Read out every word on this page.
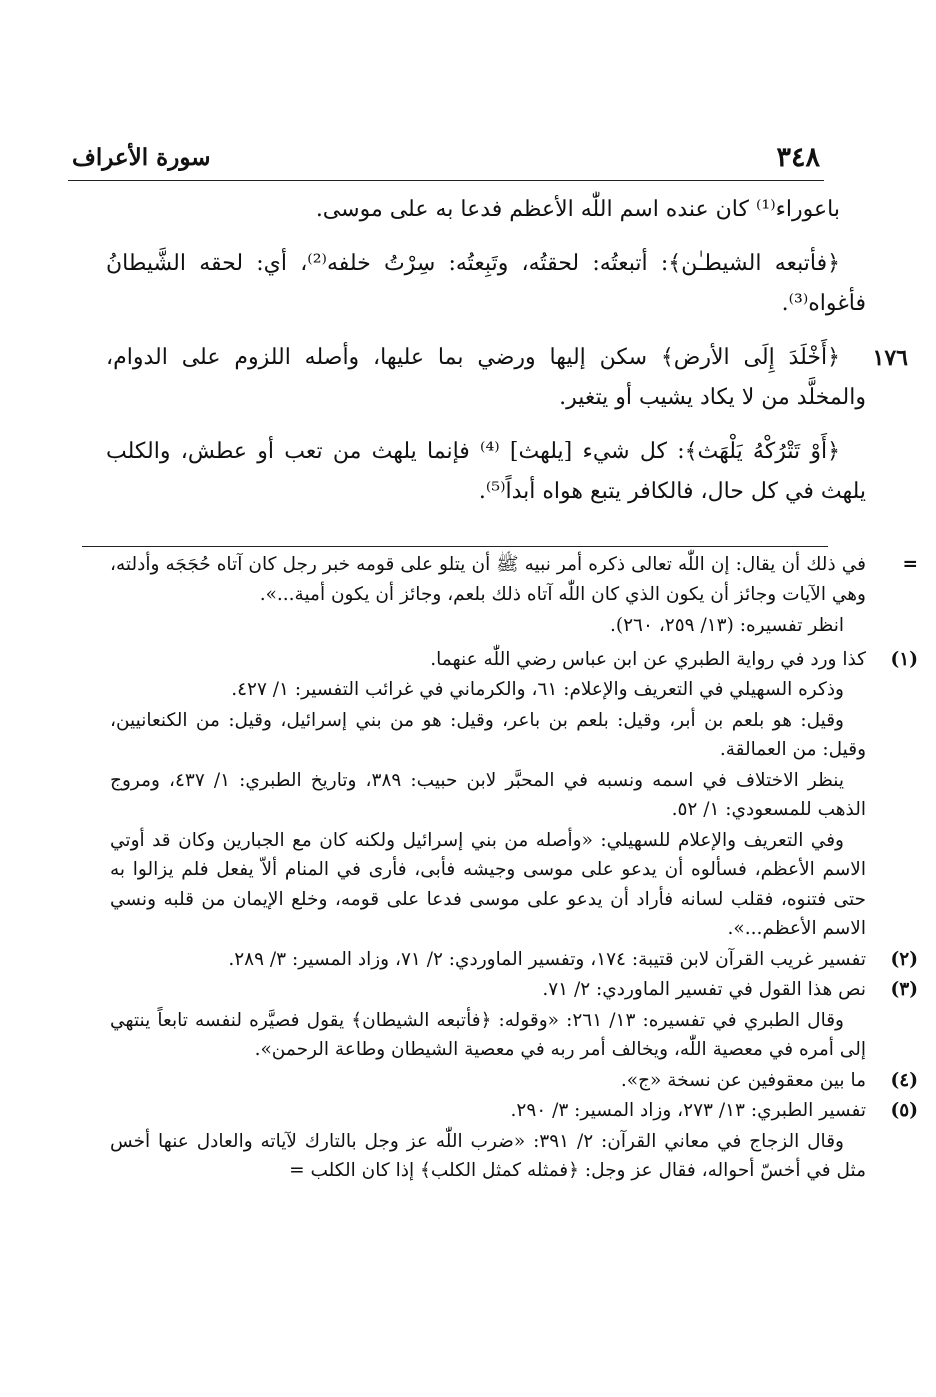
٣٤٨
سورة الأعراف
باعوراء⁽¹⁾ كان عنده اسم اللّٰه الأعظم فدعا به على موسى.
﴿فأتبعه الشيطـٰن﴾: أتبعتُه: لحقتُه، وتَبِعتُه: سِرْتُ خلفه⁽²⁾، أي: لحقه الشَّيطانُ فأغواه⁽³⁾.
١٧٦
﴿أَخْلَدَ إِلَى الأرض﴾ سكن إليها ورضي بما عليها، وأصله اللزوم على الدوام، والمخلَّد من لا يكاد يشيب أو يتغير.
﴿أَوْ تَتْرُكْهُ يَلْهَث﴾: كل شيء [يلهث] ⁽⁴⁾ فإنما يلهث من تعب أو عطش، والكلب يلهث في كل حال، فالكافر يتبع هواه أبداً⁽⁵⁾.
=
في ذلك أن يقال: إن اللّٰه تعالى ذكره أمر نبيه ﷺ أن يتلو على قومه خبر رجل كان آتاه حُجَجَه وأدلته، وهي الآيات وجائز أن يكون الذي كان اللّٰه آتاه ذلك بلعم، وجائز أن يكون أمية...».
انظر تفسيره: (١٣/ ٢٥٩، ٢٦٠).
(١)
كذا ورد في رواية الطبري عن ابن عباس رضي اللّٰه عنهما.
وذكره السهيلي في التعريف والإعلام: ٦١، والكرماني في غرائب التفسير: ١/ ٤٢٧.
وقيل: هو بلعم بن أبر، وقيل: بلعم بن باعر، وقيل: هو من بني إسرائيل، وقيل: من الكنعانيين، وقيل: من العمالقة.
ينظر الاختلاف في اسمه ونسبه في المحبَّر لابن حبيب: ٣٨٩، وتاريخ الطبري: ١/ ٤٣٧، ومروج الذهب للمسعودي: ١/ ٥٢.
وفي التعريف والإعلام للسهيلي: «وأصله من بني إسرائيل ولكنه كان مع الجبارين وكان قد أوتي الاسم الأعظم، فسألوه أن يدعو على موسى وجيشه فأبى، فأرى في المنام ألاّ يفعل فلم يزالوا به حتى فتنوه، فقلب لسانه فأراد أن يدعو على موسى فدعا على قومه، وخلع الإيمان من قلبه ونسي الاسم الأعظم...».
(٢)
تفسير غريب القرآن لابن قتيبة: ١٧٤، وتفسير الماوردي: ٢/ ٧١، وزاد المسير: ٣/ ٢٨٩.
(٣)
نص هذا القول في تفسير الماوردي: ٢/ ٧١.
وقال الطبري في تفسيره: ١٣/ ٢٦١: «وقوله: ﴿فأتبعه الشيطان﴾ يقول فصيَّره لنفسه تابعاً ينتهي إلى أمره في معصية اللّٰه، ويخالف أمر ربه في معصية الشيطان وطاعة الرحمن».
(٤)
ما بين معقوفين عن نسخة «ج».
(٥)
تفسير الطبري: ١٣/ ٢٧٣، وزاد المسير: ٣/ ٢٩٠.
وقال الزجاج في معاني القرآن: ٢/ ٣٩١: «ضرب اللّٰه عز وجل بالتارك لآياته والعادل عنها أخس مثل في أخسّ أحواله، فقال عز وجل: ﴿فمثله كمثل الكلب﴾ إذا كان الكلب =
